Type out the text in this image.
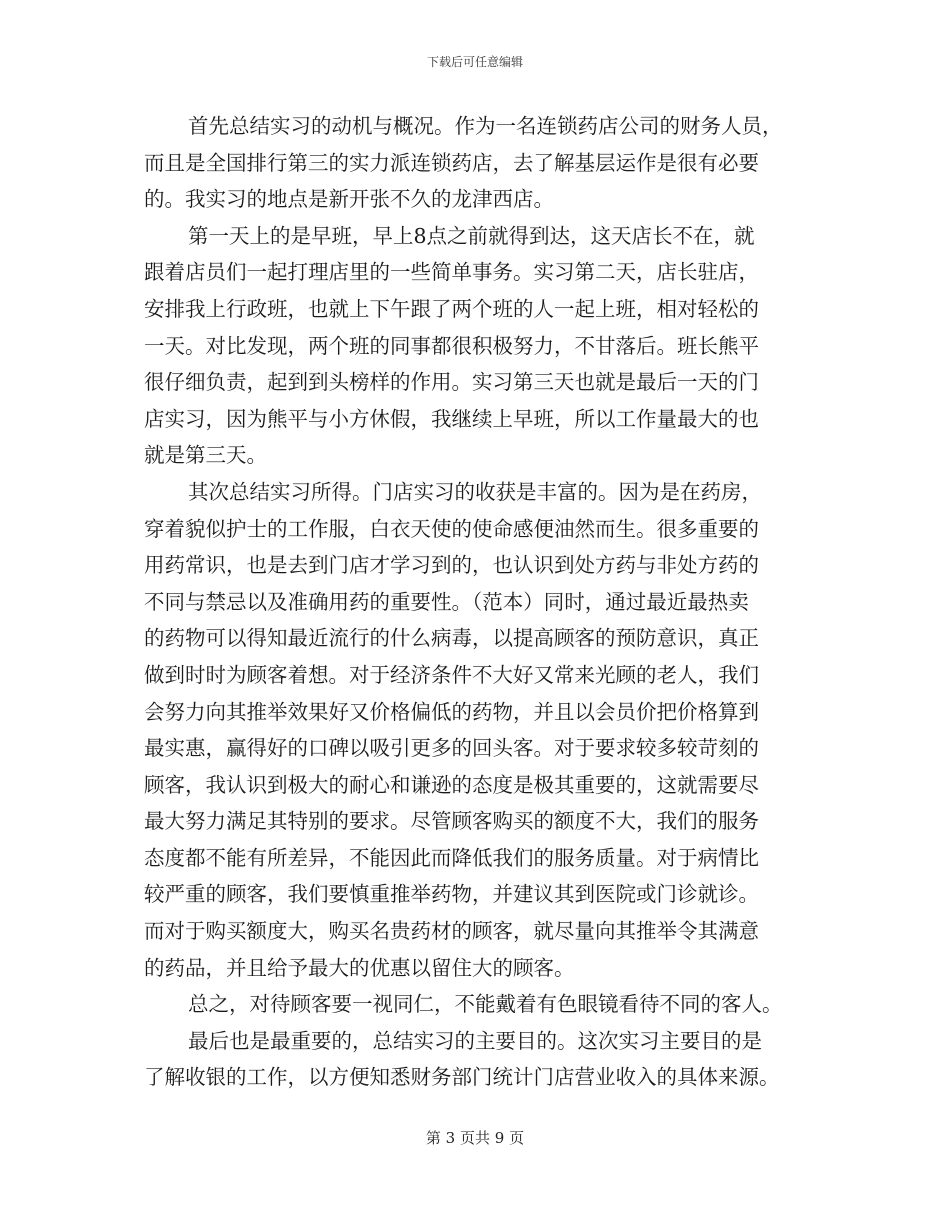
下载后可任意编辑
首先总结实习的动机与概况。作为一名连锁药店公司的财务人员，
而且是全国排行第三的实力派连锁药店，去了解基层运作是很有必要
的。我实习的地点是新开张不久的龙津西店。
第一天上的是早班，早上8点之前就得到达，这天店长不在，就
跟着店员们一起打理店里的一些简单事务。实习第二天，店长驻店，
安排我上行政班，也就上下午跟了两个班的人一起上班，相对轻松的
一天。对比发现，两个班的同事都很积极努力，不甘落后。班长熊平
很仔细负责，起到到头榜样的作用。实习第三天也就是最后一天的门
店实习，因为熊平与小方休假，我继续上早班，所以工作量最大的也
就是第三天。
其次总结实习所得。门店实习的收获是丰富的。因为是在药房，
穿着貌似护士的工作服，白衣天使的使命感便油然而生。很多重要的
用药常识，也是去到门店才学习到的，也认识到处方药与非处方药的
不同与禁忌以及准确用药的重要性。（范本）同时，通过最近最热卖
的药物可以得知最近流行的什么病毒，以提高顾客的预防意识，真正
做到时时为顾客着想。对于经济条件不大好又常来光顾的老人，我们
会努力向其推举效果好又价格偏低的药物，并且以会员价把价格算到
最实惠，赢得好的口碑以吸引更多的回头客。对于要求较多较苛刻的
顾客，我认识到极大的耐心和谦逊的态度是极其重要的，这就需要尽
最大努力满足其特别的要求。尽管顾客购买的额度不大，我们的服务
态度都不能有所差异，不能因此而降低我们的服务质量。对于病情比
较严重的顾客，我们要慎重推举药物，并建议其到医院或门诊就诊。
而对于购买额度大，购买名贵药材的顾客，就尽量向其推举令其满意
的药品，并且给予最大的优惠以留住大的顾客。
总之，对待顾客要一视同仁，不能戴着有色眼镜看待不同的客人。
最后也是最重要的，总结实习的主要目的。这次实习主要目的是
了解收银的工作，以方便知悉财务部门统计门店营业收入的具体来源。
第 3 页共 9 页
